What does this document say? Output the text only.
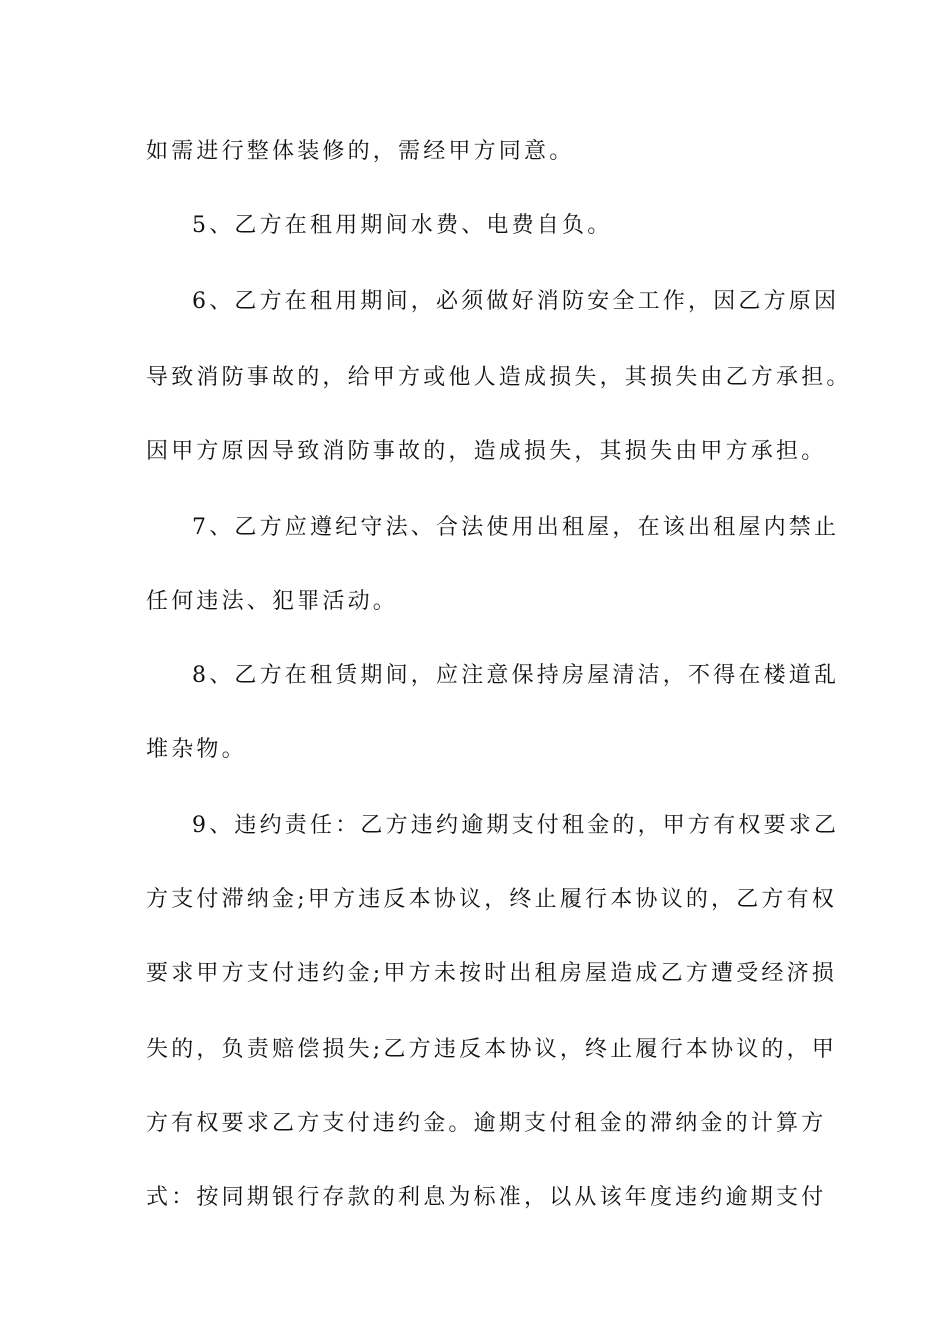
如需进行整体装修的，需经甲方同意。
5、乙方在租用期间水费、电费自负。
6、乙方在租用期间，必须做好消防安全工作，因乙方原因
导致消防事故的，给甲方或他人造成损失，其损失由乙方承担。
因甲方原因导致消防事故的，造成损失，其损失由甲方承担。
7、乙方应遵纪守法、合法使用出租屋，在该出租屋内禁止
任何违法、犯罪活动。
8、乙方在租赁期间，应注意保持房屋清洁，不得在楼道乱
堆杂物。
9、违约责任：乙方违约逾期支付租金的，甲方有权要求乙
方支付滞纳金;甲方违反本协议，终止履行本协议的，乙方有权
要求甲方支付违约金;甲方未按时出租房屋造成乙方遭受经济损
失的，负责赔偿损失;乙方违反本协议，终止履行本协议的，甲
方有权要求乙方支付违约金。逾期支付租金的滞纳金的计算方
式：按同期银行存款的利息为标准，以从该年度违约逾期支付
